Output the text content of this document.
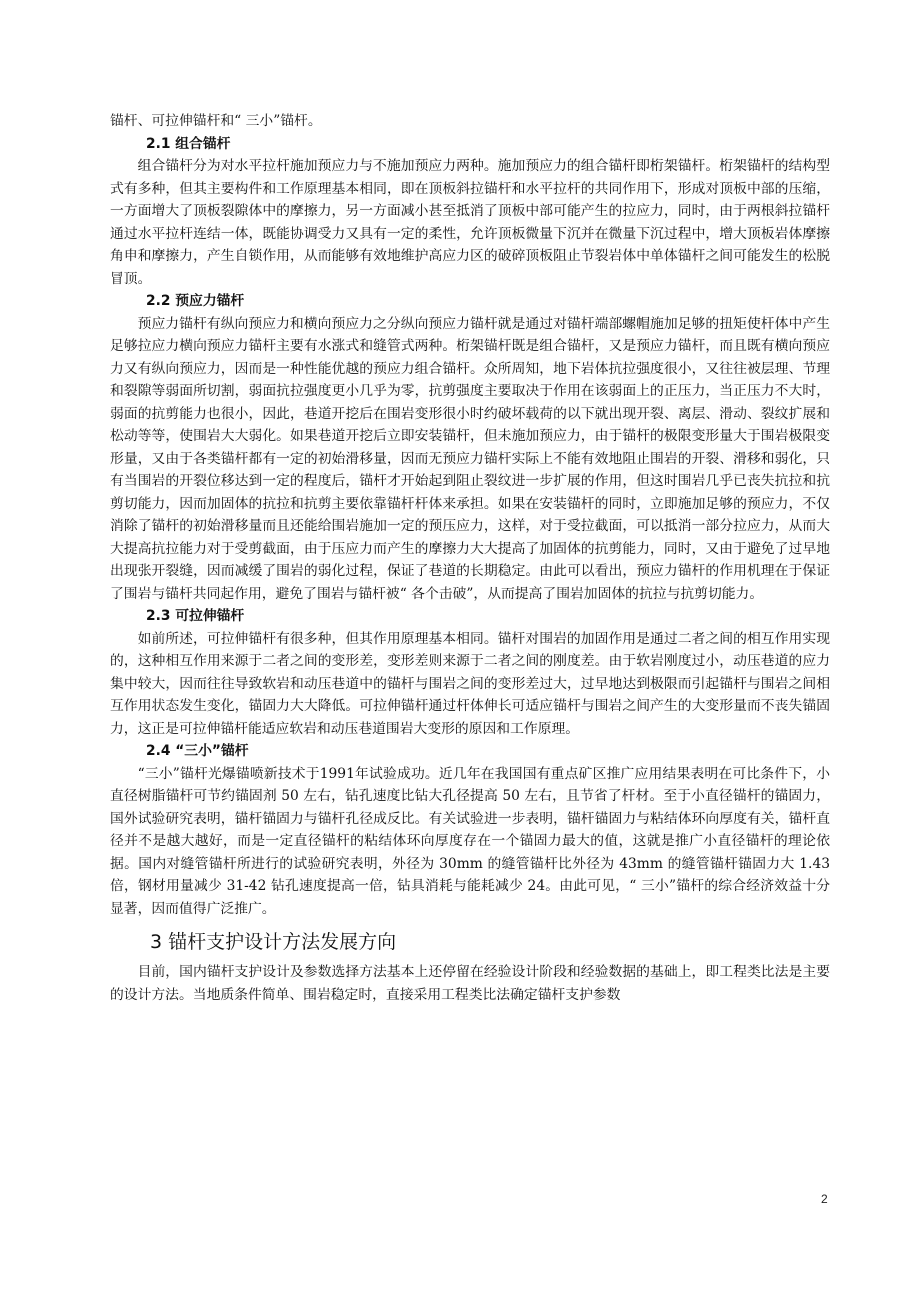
锚杆、可拉伸锚杆和“ 三小”锚杆。

2.1 组合锚杆

组合锚杆分为对水平拉杆施加预应力与不施加预应力两种。施加预应力的组合锚杆即桁架锚杆。桁架锚杆的结构型式有多种，但其主要构件和工作原理基本相同，即在顶板斜拉锚杆和水平拉杆的共同作用下，形成对顶板中部的压缩，一方面增大了顶板裂隙体中的摩擦力，另一方面减小甚至抵消了顶板中部可能产生的拉应力，同时，由于两根斜拉锚杆通过水平拉杆连结一体，既能协调受力又具有一定的柔性，允许顶板微量下沉并在微量下沉过程中，增大顶板岩体摩擦角申和摩擦力，产生自锁作用，从而能够有效地维护高应力区的破碎顶板阻止节裂岩体中单体锚杆之间可能发生的松脱冒顶。

2.2 预应力锚杆

预应力锚杆有纵向预应力和横向预应力之分纵向预应力锚杆就是通过对锚杆端部螺帽施加足够的扭矩使杆体中产生足够拉应力横向预应力锚杆主要有水涨式和缝管式两种。桁架锚杆既是组合锚杆，又是预应力锚杆，而且既有横向预应力又有纵向预应力，因而是一种性能优越的预应力组合锚杆。众所周知，地下岩体抗拉强度很小，又往往被层理、节理和裂隙等弱面所切割，弱面抗拉强度更小几乎为零，抗剪强度主要取决于作用在该弱面上的正压力，当正压力不大时，弱面的抗剪能力也很小，因此，巷道开挖后在围岩变形很小时约破坏载荷的以下就出现开裂、离层、滑动、裂纹扩展和松动等等，使围岩大大弱化。如果巷道开挖后立即安装锚杆，但未施加预应力，由于锚杆的极限变形量大于围岩极限变形量，又由于各类锚杆都有一定的初始滑移量，因而无预应力锚杆实际上不能有效地阻止围岩的开裂、滑移和弱化，只有当围岩的开裂位移达到一定的程度后，锚杆才开始起到阻止裂纹进一步扩展的作用，但这时围岩几乎已丧失抗拉和抗剪切能力，因而加固体的抗拉和抗剪主要依靠锚杆杆体来承担。如果在安装锚杆的同时，立即施加足够的预应力，不仅消除了锚杆的初始滑移量而且还能给围岩施加一定的预压应力，这样，对于受拉截面，可以抵消一部分拉应力，从而大大提高抗拉能力对于受剪截面，由于压应力而产生的摩擦力大大提高了加固体的抗剪能力，同时，又由于避免了过早地出现张开裂缝，因而减缓了围岩的弱化过程，保证了巷道的长期稳定。由此可以看出，预应力锚杆的作用机理在于保证了围岩与锚杆共同起作用，避免了围岩与锚杆被“ 各个击破”，从而提高了围岩加固体的抗拉与抗剪切能力。

2.3 可拉伸锚杆

如前所述，可拉伸锚杆有很多种，但其作用原理基本相同。锚杆对围岩的加固作用是通过二者之间的相互作用实现的，这种相互作用来源于二者之间的变形差，变形差则来源于二者之间的刚度差。由于软岩刚度过小，动压巷道的应力集中较大，因而往往导致软岩和动压巷道中的锚杆与围岩之间的变形差过大，过早地达到极限而引起锚杆与围岩之间相互作用状态发生变化，锚固力大大降低。可拉伸锚杆通过杆体伸长可适应锚杆与围岩之间产生的大变形量而不丧失锚固力，这正是可拉伸锚杆能适应软岩和动压巷道围岩大变形的原因和工作原理。

2.4 “三小”锚杆

“三小”锚杆光爆锚喷新技术于1991年试验成功。近几年在我国国有重点矿区推广应用结果表明在可比条件下，小直径树脂锚杆可节约锚固剂 50 左右，钻孔速度比钻大孔径提高 50 左右，且节省了杆材。至于小直径锚杆的锚固力，国外试验研究表明，锚杆锚固力与锚杆孔径成反比。有关试验进一步表明，锚杆锚固力与粘结体环向厚度有关，锚杆直径并不是越大越好，而是一定直径锚杆的粘结体环向厚度存在一个锚固力最大的值，这就是推广小直径锚杆的理论依据。国内对缝管锚杆所进行的试验研究表明，外径为 30mm 的缝管锚杆比外径为 43mm 的缝管锚杆锚固力大 1.43 倍，钢材用量减少 31-42 钻孔速度提高一倍，钻具消耗与能耗减少 24。由此可见，“ 三小”锚杆的综合经济效益十分显著，因而值得广泛推广。

3 锚杆支护设计方法发展方向

目前，国内锚杆支护设计及参数选择方法基本上还停留在经验设计阶段和经验数据的基础上，即工程类比法是主要的设计方法。当地质条件简单、围岩稳定时，直接采用工程类比法确定锚杆支护参数

2
